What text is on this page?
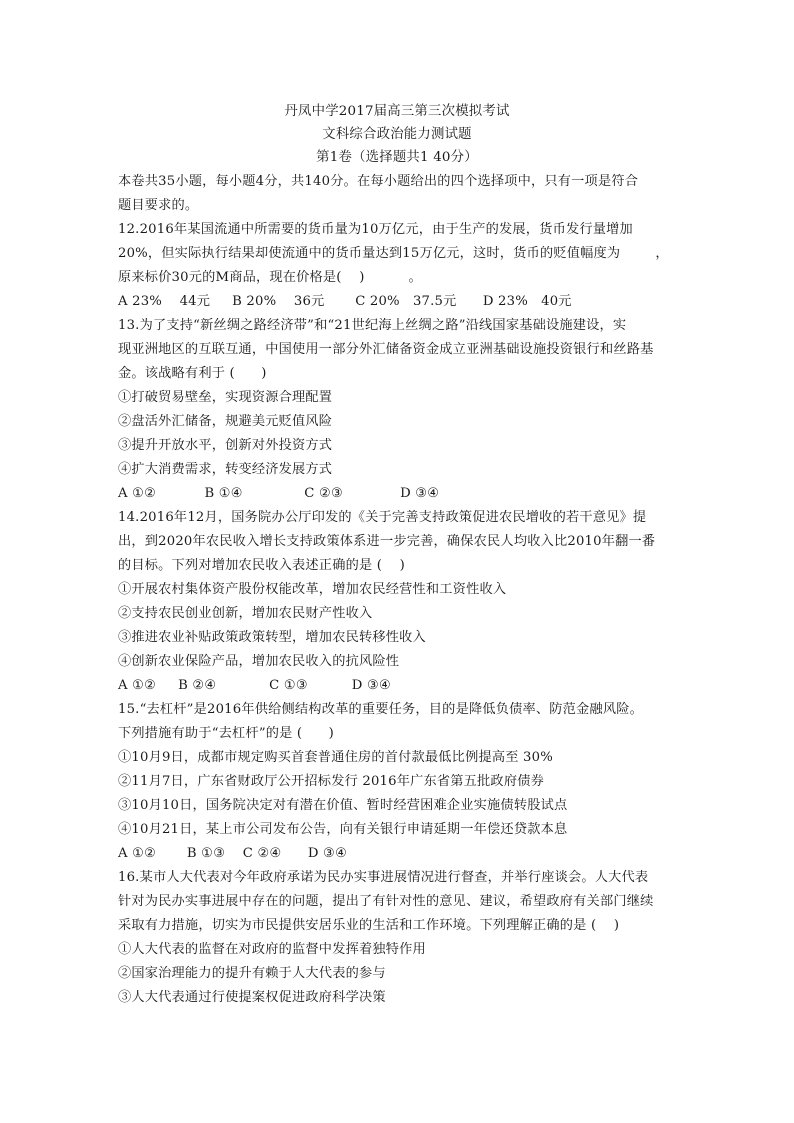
丹凤中学2017届高三第三次模拟考试
文科综合政治能力测试题
第1卷（选择题共1 40分）
本卷共35小题，每小题4分，共140分。在每小题给出的四个选择项中，只有一项是符合
题目要求的。
12.2016年某国流通中所需要的货币量为10万亿元，由于生产的发展，货币发行量增加
20%，但实际执行结果却使流通中的货币量达到15万亿元，这时，货币的贬值幅度为        ，
原来标价30元的M商品，现在价格是(    )          。
A 23%    44元     B 20%    36元       C 20%   37.5元      D 23%   40元
13.为了支持“新丝绸之路经济带”和“21世纪海上丝绸之路”沿线国家基础设施建设，实
现亚洲地区的互联互通，中国使用一部分外汇储备资金成立亚洲基础设施投资银行和丝路基
金。该战略有利于 (      )
①打破贸易壁垒，实现资源合理配置
②盘活外汇储备，规避美元贬值风险
③提升开放水平，创新对外投资方式
④扩大消费需求，转变经济发展方式
A ①②           B ①④              C ②③             D ③④
14.2016年12月，国务院办公厅印发的《关于完善支持政策促进农民增收的若干意见》提
出，到2020年农民收入增长支持政策体系进一步完善，确保农民人均收入比2010年翻一番
的目标。下列对增加农民收入表述正确的是 (    )
①开展农村集体资产股份权能改革，增加农民经营性和工资性收入
②支持农民创业创新，增加农民财产性收入
③推进农业补贴政策政策转型，增加农民转移性收入
④创新农业保险产品，增加农民收入的抗风险性
A ①②     B ②④            C ①③          D ③④
15.“去杠杆”是2016年供给侧结构改革的重要任务，目的是降低负债率、防范金融风险。
下列措施有助于“去杠杆”的是 (      )
①10月9日，成都市规定购买首套普通住房的首付款最低比例提高至 30%
②11月7日，广东省财政厅公开招标发行 2016年广东省第五批政府债券
③10月10日，国务院决定对有潜在价值、暂时经营困难企业实施债转股试点
④10月21日，某上市公司发布公告，向有关银行申请延期一年偿还贷款本息
A ①②       B ①③    C ②④      D ③④
16.某市人大代表对今年政府承诺为民办实事进展情况进行督查，并举行座谈会。人大代表
针对为民办实事进展中存在的问题，提出了有针对性的意见、建议，希望政府有关部门继续
采取有力措施，切实为市民提供安居乐业的生活和工作环境。下列理解正确的是 (    )
①人大代表的监督在对政府的监督中发挥着独特作用
②国家治理能力的提升有赖于人大代表的参与
③人大代表通过行使提案权促进政府科学决策
